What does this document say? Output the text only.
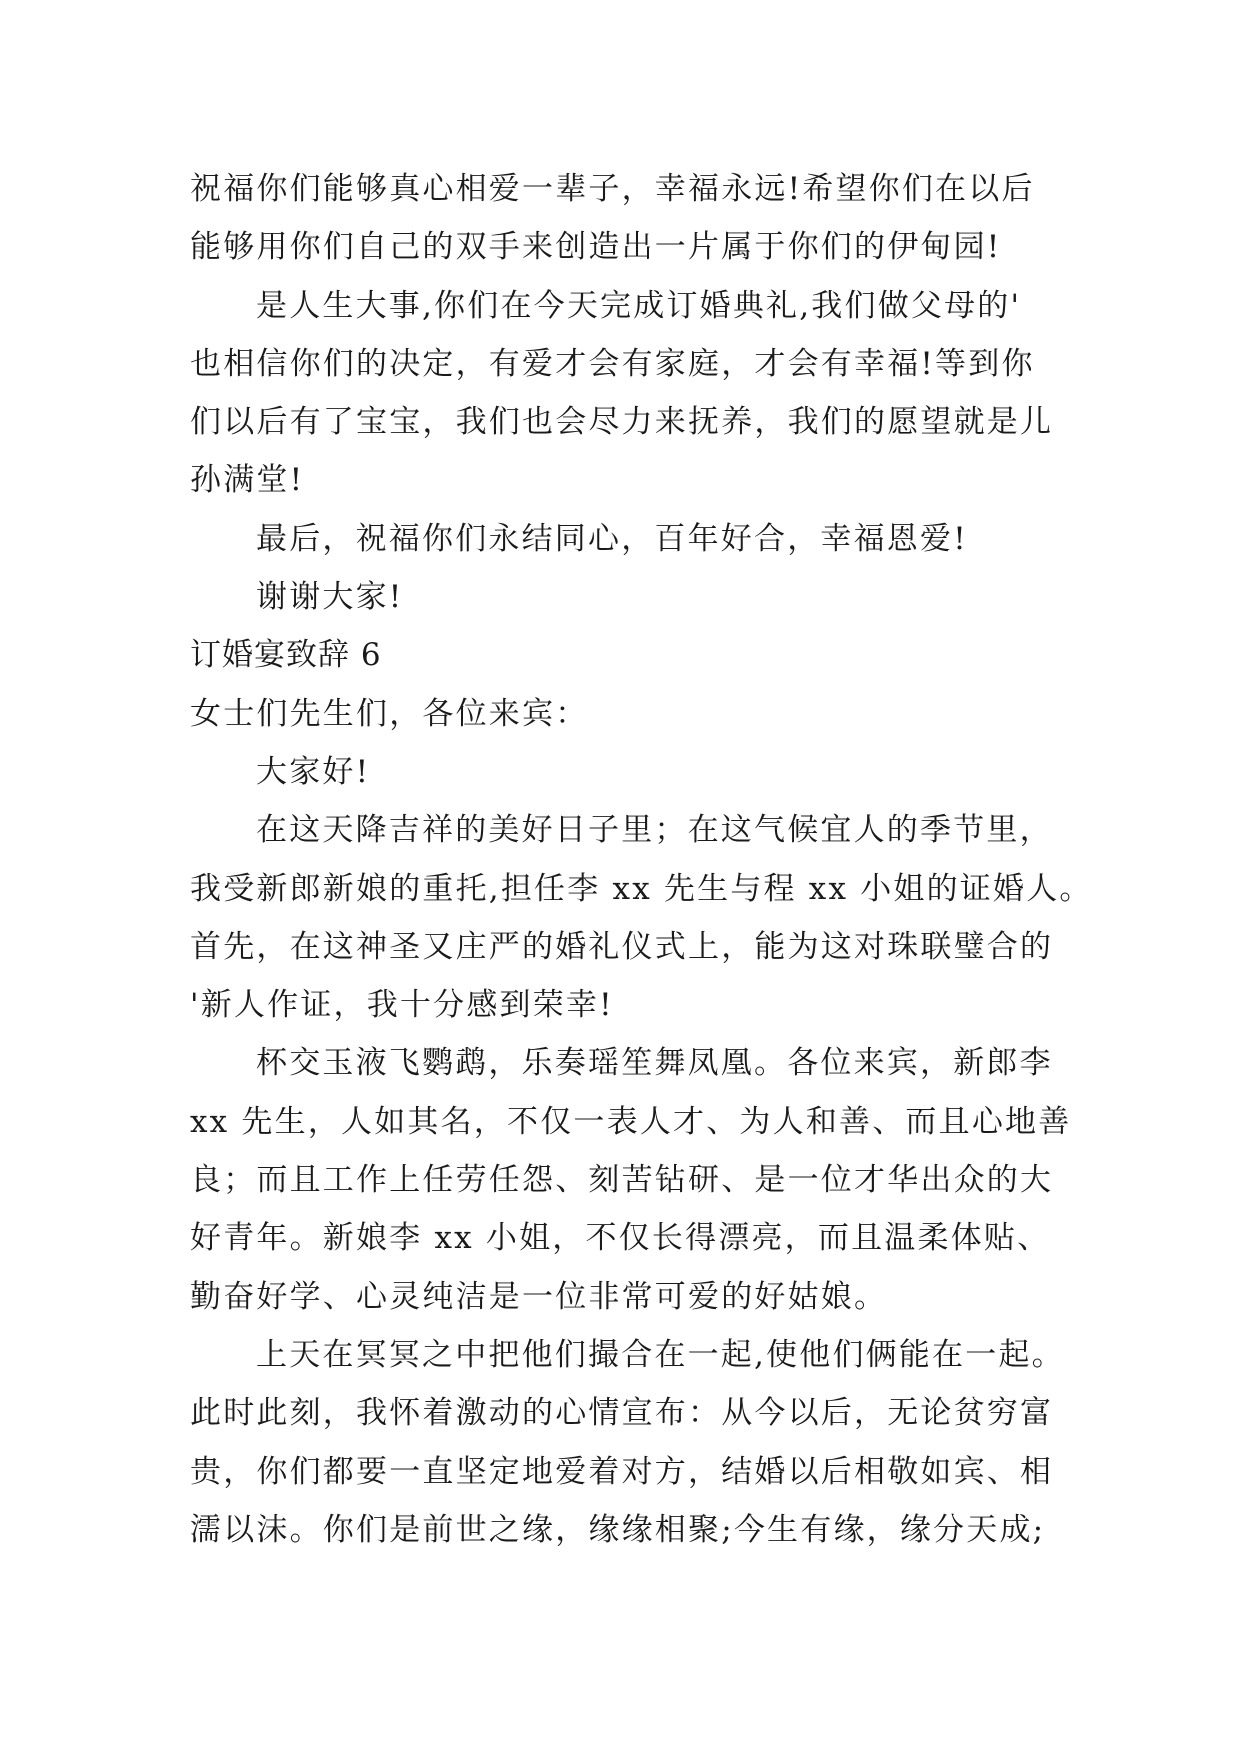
祝福你们能够真心相爱一辈子，幸福永远!希望你们在以后
能够用你们自己的双手来创造出一片属于你们的伊甸园!
是人生大事,你们在今天完成订婚典礼,我们做父母的'
也相信你们的决定，有爱才会有家庭，才会有幸福!等到你
们以后有了宝宝，我们也会尽力来抚养，我们的愿望就是儿
孙满堂!
最后，祝福你们永结同心，百年好合，幸福恩爱!
谢谢大家!
订婚宴致辞 6
女士们先生们，各位来宾：
大家好!
在这天降吉祥的美好日子里；在这气候宜人的季节里，
我受新郎新娘的重托,担任李 xx 先生与程 xx 小姐的证婚人。
首先，在这神圣又庄严的婚礼仪式上，能为这对珠联璧合的
'新人作证，我十分感到荣幸!
杯交玉液飞鹦鹉，乐奏瑶笙舞凤凰。各位来宾，新郎李
xx 先生，人如其名，不仅一表人才、为人和善、而且心地善
良；而且工作上任劳任怨、刻苦钻研、是一位才华出众的大
好青年。新娘李 xx 小姐，不仅长得漂亮，而且温柔体贴、
勤奋好学、心灵纯洁是一位非常可爱的好姑娘。
上天在冥冥之中把他们撮合在一起,使他们俩能在一起。
此时此刻，我怀着激动的心情宣布：从今以后，无论贫穷富
贵，你们都要一直坚定地爱着对方，结婚以后相敬如宾、相
濡以沫。你们是前世之缘，缘缘相聚;今生有缘，缘分天成;
